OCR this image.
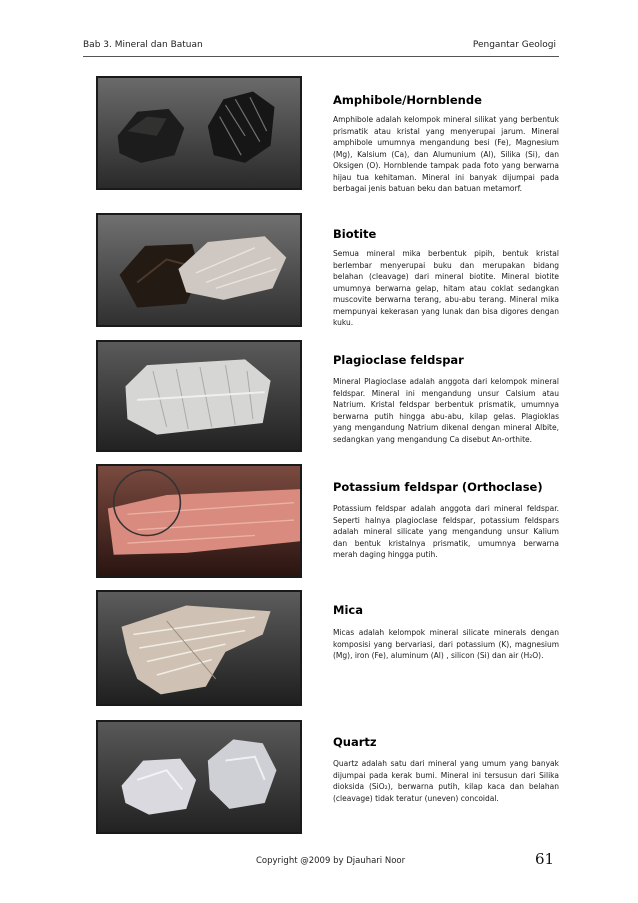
Bab 3. Mineral dan Batuan	Pengantar Geologi
Amphibole/Hornblende
Amphibole adalah kelompok mineral silikat yang berbentuk prismatik atau kristal yang menyerupai jarum. Mineral amphibole umumnya mengandung besi (Fe), Magnesium (Mg), Kalsium (Ca), dan Alumunium (Al), Silika (Si), dan Oksigen (O). Hornblende tampak pada foto yang berwarna hijau tua kehitaman. Mineral ini banyak dijumpai pada berbagai jenis batuan beku dan batuan metamorf.
Biotite
Semua mineral mika berbentuk pipih, bentuk kristal berlembar menyerupai buku dan merupakan bidang belahan (cleavage) dari mineral biotite. Mineral biotite umumnya berwarna gelap, hitam atau coklat sedangkan muscovite berwarna terang, abu-abu terang. Mineral mika mempunyai kekerasan yang lunak dan bisa digores dengan kuku.
Plagioclase feldspar
Mineral Plagioclase adalah anggota dari kelompok mineral feldspar. Mineral ini mengandung unsur Calsium atau Natrium. Kristal feldspar berbentuk prismatik, umumnya berwarna putih hingga abu-abu, kilap gelas. Plagioklas yang mengandung Natrium dikenal dengan mineral Albite, sedangkan yang mengandung Ca disebut An-orthite.
Potassium feldspar (Orthoclase)
Potassium feldspar adalah anggota dari mineral feldspar. Seperti halnya plagioclase feldspar, potassium feldspars adalah mineral silicate yang mengandung unsur Kalium dan bentuk kristalnya prismatik, umumnya berwarna merah daging hingga putih.
Mica
Micas adalah kelompok mineral silicate minerals dengan komposisi yang bervariasi, dari potassium (K), magnesium (Mg), iron (Fe), aluminum (Al) , silicon (Si) dan air (H₂O).
Quartz
Quartz adalah satu dari mineral yang umum yang banyak dijumpai pada kerak bumi. Mineral ini tersusun dari Silika dioksida (SiO₂), berwarna putih, kilap kaca dan belahan (cleavage) tidak teratur (uneven) concoidal.
Copyright @2009 by Djauhari Noor	61
